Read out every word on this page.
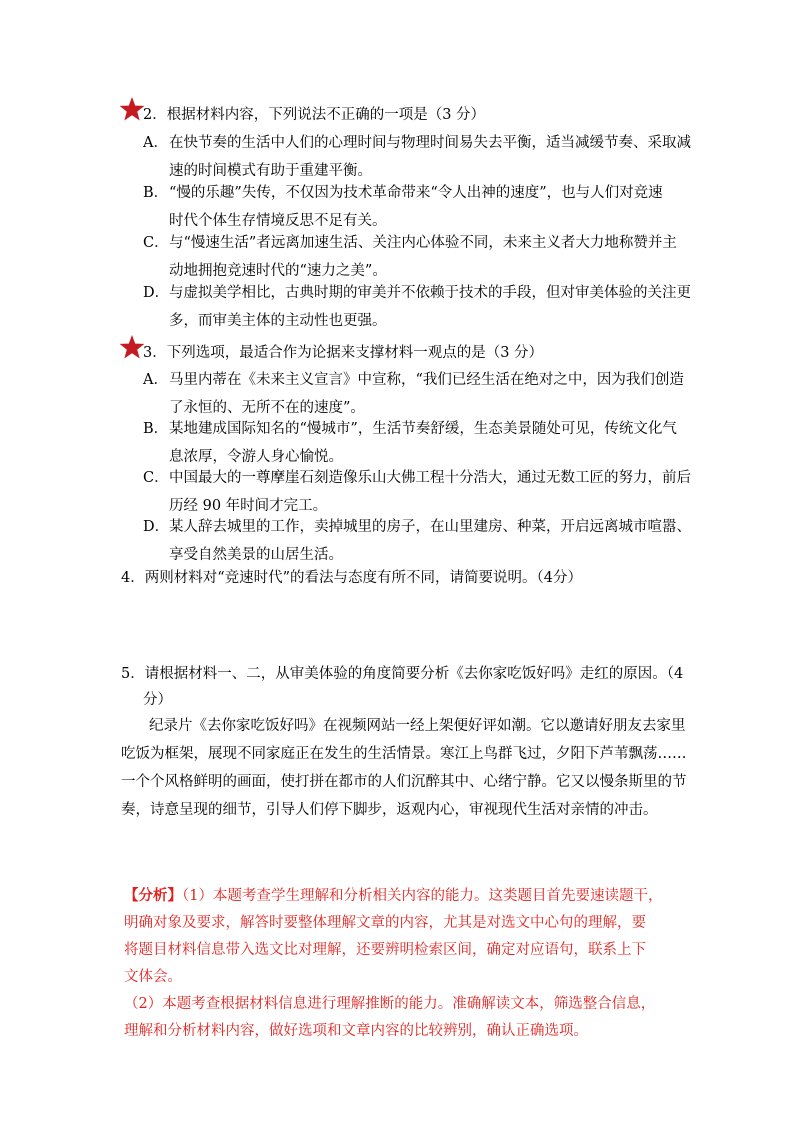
2．根据材料内容，下列说法不正确的一项是（3 分）
A．在快节奏的生活中人们的心理时间与物理时间易失去平衡，适当减缓节奏、采取减
速的时间模式有助于重建平衡。
B．“慢的乐趣”失传，不仅因为技术革命带来“令人出神的速度”，也与人们对竞速
时代个体生存情境反思不足有关。
C．与“慢速生活”者远离加速生活、关注内心体验不同，未来主义者大力地称赞并主
动地拥抱竞速时代的“速力之美”。
D．与虚拟美学相比，古典时期的审美并不依赖于技术的手段，但对审美体验的关注更
多，而审美主体的主动性也更强。
3．下列选项，最适合作为论据来支撑材料一观点的是（3 分）
A．马里内蒂在《未来主义宣言》中宣称，“我们已经生活在绝对之中，因为我们创造
了永恒的、无所不在的速度”。
B．某地建成国际知名的“慢城市”，生活节奏舒缓，生态美景随处可见，传统文化气
息浓厚，令游人身心愉悦。
C．中国最大的一尊摩崖石刻造像乐山大佛工程十分浩大，通过无数工匠的努力，前后
历经 90 年时间才完工。
D．某人辞去城里的工作，卖掉城里的房子，在山里建房、种菜，开启远离城市喧嚣、
享受自然美景的山居生活。
4．两则材料对“竞速时代”的看法与态度有所不同，请简要说明。（4分）
5．请根据材料一、二，从审美体验的角度简要分析《去你家吃饭好吗》走红的原因。（4
分）
纪录片《去你家吃饭好吗》在视频网站一经上架便好评如潮。它以邀请好朋友去家里
吃饭为框架，展现不同家庭正在发生的生活情景。寒江上鸟群飞过，夕阳下芦苇飘荡……
一个个风格鲜明的画面，使打拼在都市的人们沉醉其中、心绪宁静。它又以慢条斯里的节
奏，诗意呈现的细节，引导人们停下脚步，返观内心，审视现代生活对亲情的冲击。
【分析】（1）本题考查学生理解和分析相关内容的能力。这类题目首先要速读题干，
明确对象及要求，解答时要整体理解文章的内容，尤其是对选文中心句的理解，要
将题目材料信息带入选文比对理解，还要辨明检索区间，确定对应语句，联系上下
文体会。
（2）本题考查根据材料信息进行理解推断的能力。准确解读文本，筛选整合信息，
理解和分析材料内容，做好选项和文章内容的比较辨别，确认正确选项。
